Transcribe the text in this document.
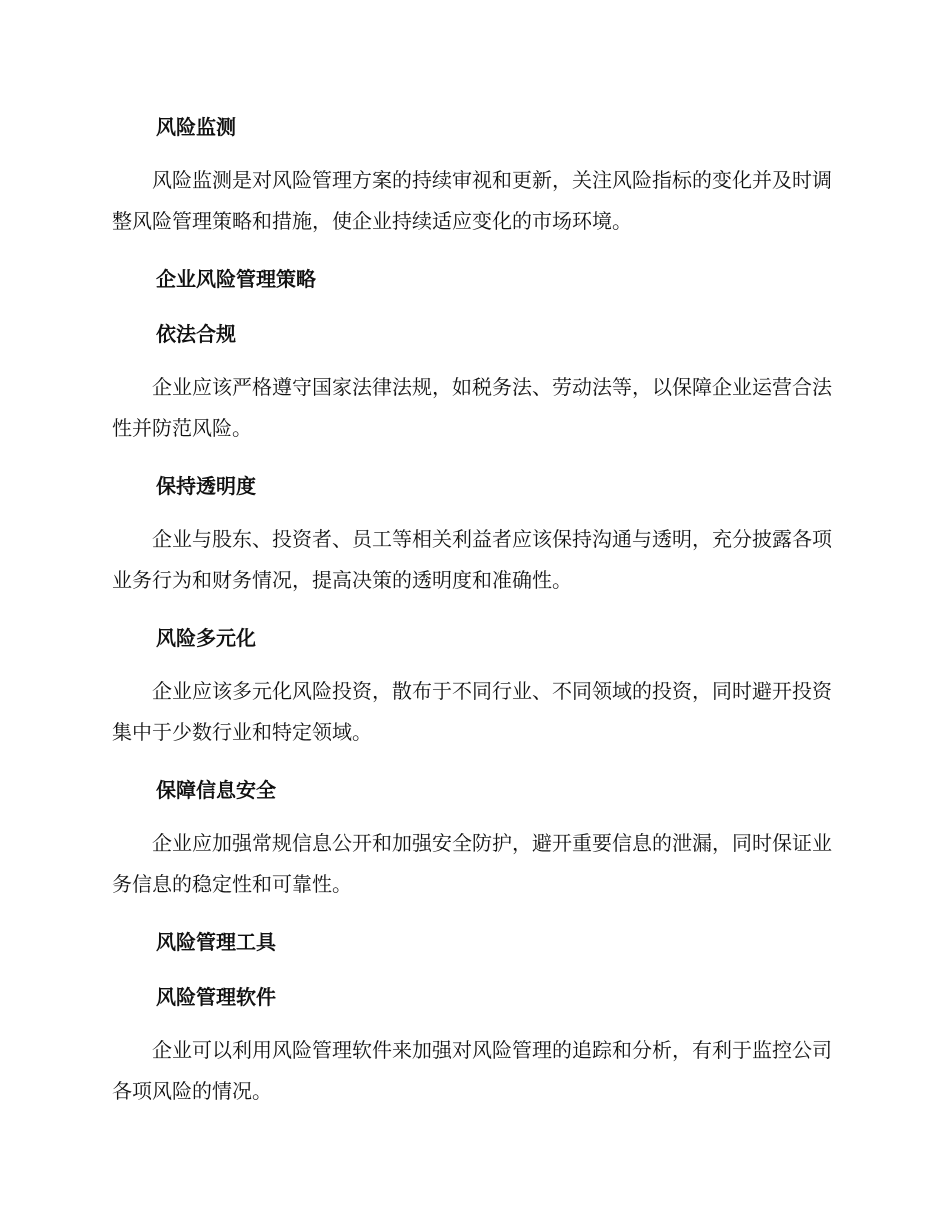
风险监测

风险监测是对风险管理方案的持续审视和更新，关注风险指标的变化并及时调整风险管理策略和措施，使企业持续适应变化的市场环境。

企业风险管理策略
依法合规

企业应该严格遵守国家法律法规，如税务法、劳动法等，以保障企业运营合法性并防范风险。

保持透明度

企业与股东、投资者、员工等相关利益者应该保持沟通与透明，充分披露各项业务行为和财务情况，提高决策的透明度和准确性。

风险多元化

企业应该多元化风险投资，散布于不同行业、不同领域的投资，同时避开投资集中于少数行业和特定领域。

保障信息安全

企业应加强常规信息公开和加强安全防护，避开重要信息的泄漏，同时保证业务信息的稳定性和可靠性。

风险管理工具
风险管理软件

企业可以利用风险管理软件来加强对风险管理的追踪和分析，有利于监控公司各项风险的情况。
